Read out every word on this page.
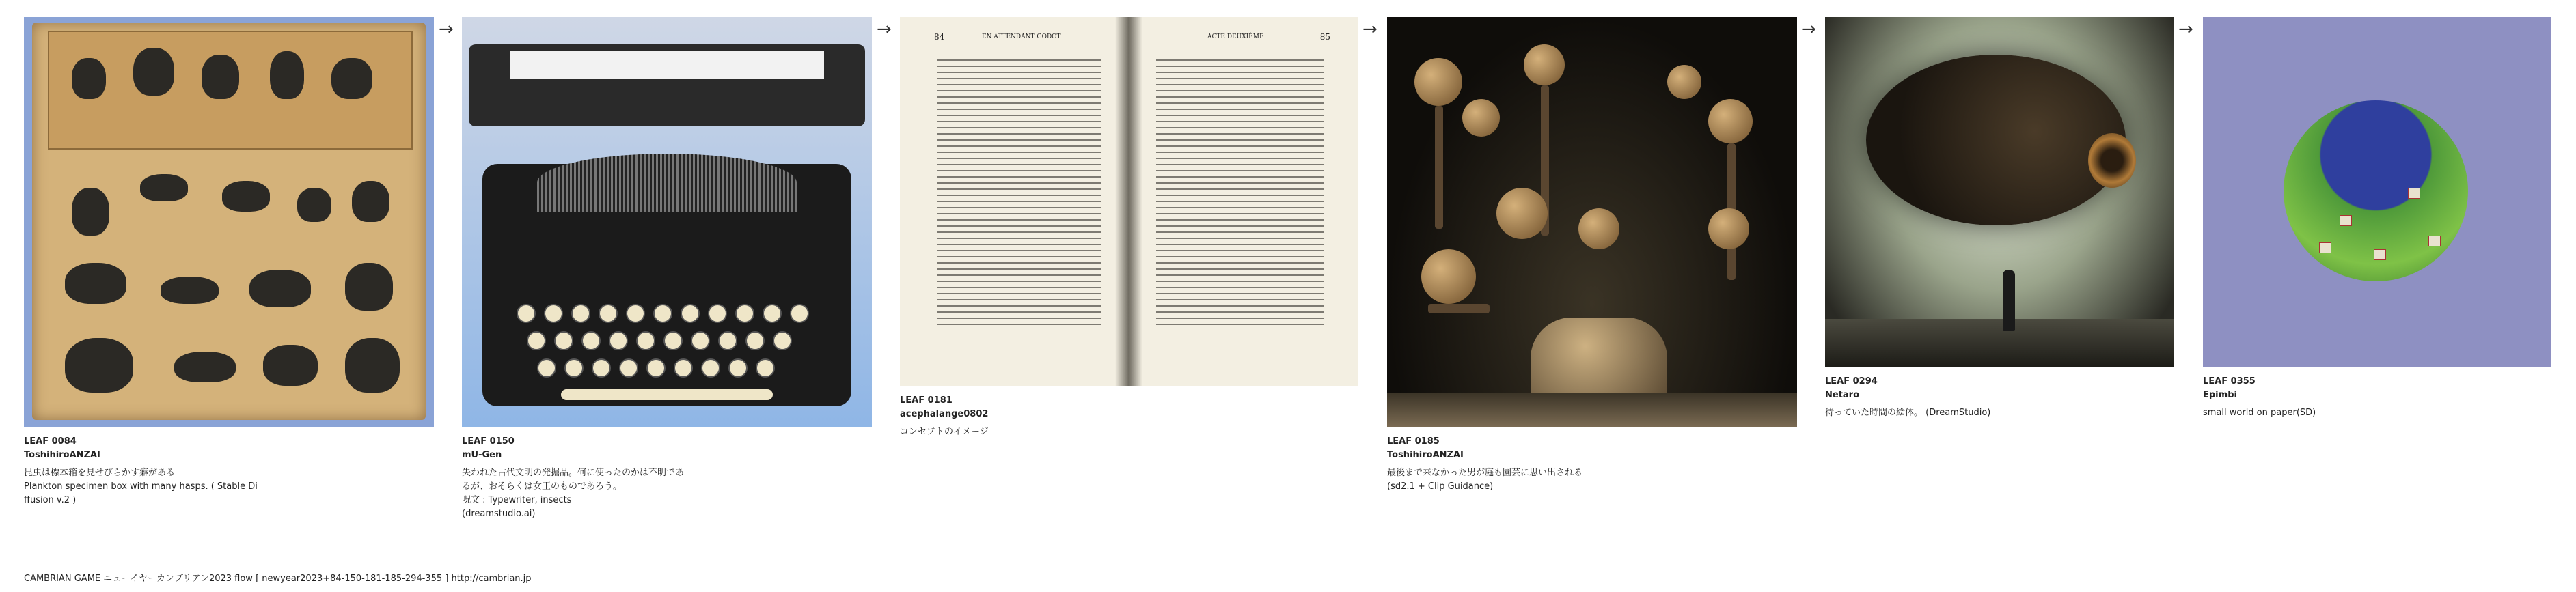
LEAF 0084
ToshihiroANZAI
昆虫は標本箱を見せびらかす癖がある
Plankton specimen box with many hasps. ( Stable Di
ffusion v.2 )
→
LEAF 0150
mU-Gen
失われた古代文明の発掘品。何に使ったのかは不明であ
るが、おそらくは女王のものであろう。
呪文 : Typewriter, insects
(dreamstudio.ai)
→	84	EN ATTENDANT GODOT	ACTE DEUXIÈME	85
LEAF 0181
acephalange0802
コンセプトのイメージ
→
LEAF 0185
ToshihiroANZAI
最後まで来なかった男が庭も園芸に思い出される
(sd2.1 + Clip Guidance)
→
LEAF 0294
Netaro
待っていた時間の絵体。 (DreamStudio)
→
LEAF 0355
Epimbi
small world on paper(SD)
CAMBRIAN GAME ニューイヤーカンブリアン2023 flow [ newyear2023+84-150-181-185-294-355 ] http://cambrian.jp
